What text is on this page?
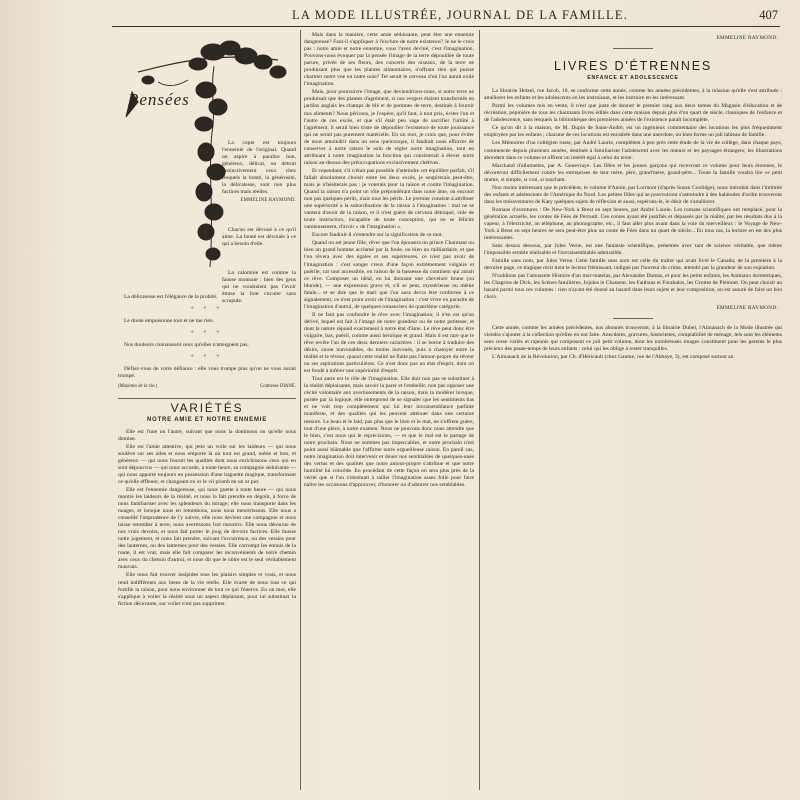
LA MODE ILLUSTRÉE, JOURNAL DE LA FAMILLE.	407
Pensées

La copie est toujours l'ennemie de l'original. Quand on aspire à paraître bon, généreux, délicat, on détruit instinctivement ceux chez lesquels la bonté, la générosité, la délicatesse, sont non plus factices mais réelles.

EMMELINE RAYMOND.

Chacun est dévoué à ce qu'il aime. La bonté est dévouée à ce qui a besoin d'elle.

La calomnie est comme la fausse monnaie : bien des gens qui ne voudraient pas l'avoir émise la font circuler sans scrupule.

La délicatesse est l'élégance de la probité.

+ + +

Le doute empoisonne tout et ne tue rien.

+ + +

Nos douleurs connaissent ceux qu'elles n'atteignent pas.

+ + +

Défiez-vous de votre défiance : elle vous trompe plus qu'on ne vous aurait trompé.

(Maximes de la vie.)	Comtesse DIANE.
VARIÉTÉS
NOTRE AMIE ET NOTRE ENNEMIE

Elle est l'une ou l'autre, suivant que nous la dominons ou qu'elle nous domine.

Elle est l'amie attentive, qui jette un voile sur les laideurs — qui nous soulève sur ses ailes et nous emporte là où tout est grand, noble et bon, et généreux — qui nous fournit les qualités dont nous enrichissons ceux qui en sont dépourvus — qui nous accorde, à toute heure, sa compagnie séduisante — qui nous apporte toujours en possession d'une baguette magique, transformant ce qu'elle effleure, et changeant en or le vil plomb en un or pur.

Elle est l'ennemie dangereuse, qui nous guette à toute heure — qui nous montre les laideurs de la réalité, et nous la fait prendre en dégoût, à force de nous familiariser avec les splendeurs du mirage; elle nous transporte dans les nuages, et lorsque nous en retombons, nous nous meurtrissons. Elle nous a conseillé l'imprudence de l'y suivre, elle nous devient une compagnie et nous laisse retomber à terre, nous avertissons fort meurtris. Elle nous détourne de nos vrais devoirs, et nous fait porter le joug de devoirs factices. Elle fausse notre jugement, et nous fait prendre, suivant l'occurrence, ou des vessies pour des lanternes, ou des lanternes pour des vessies. Elle corrompt les ennuis de la route, il est vrai; mais elle fait comparer les inconvénients de notre chemin avec ceux du chemin d'autrui, et nous dit que le nôtre est le seul véritablement mauvais.

Elle nous fait trouver insipides tous les plaisirs simples et vrais, et nous rend indifférents aux biens de la vie réelle. Elle écarte de nous tout ce qui fortifie la raison, pour nous environner de tout ce qui l'énerve. En un mot, elle s'applique à voiler la réalité sous un aspect déplaisant, pour lui substituer la fiction décevante, sur voiler n'est pas supprimer.

Mais dans la manière, cette amie séduisante, peut être une ennemie dangereuse? Faut-il s'appliquer à l'exclure de notre existence? Je ne le crois pas : notre amie et notre ennemie, vous l'avez deviné, c'est l'imagination. Pouvons-nous évoquer par la pensée l'image de la terre dépouillée de toute parure, privée de ses fleurs, des concerts des oiseaux, de la terre ne produisant plus que les plantes alimentaires, n'offrant rien qui puisse charmer notre vue ou notre ouïe? Tel serait le cerveau d'où l'on aurait exilé l'imagination.

Mais, pour poursuivre l'image, que deviendrions-nous, si notre terre ne produisait que des plantes d'agrément, si nos vergers étaient transformés en jardins anglais les champs de blé et de pommes de terre, destinés à fournir nos aliments? Nous périrons, je l'espère, qu'il faut, à tout prix, éviter l'un et l'autre de ces excès, et que s'il était peu sage de sacrifier l'utilité à l'agrément, il serait bien triste de dépouiller l'existence de toute jouissance qui ne serait pas purement matérielle. En un mot, je crois que, pour éviter de nous amoindrir dans un sens quelconque, il faudrait nous efforcer de conserver à notre raison le soin de régler notre imagination, tout en attribuant à notre imagination la fonction qui consisterait à élever notre raison au-dessus des préoccupations exclusivement chétives.

Et cependant, s'il n'était pas possible d'atteindre cet équilibre parfait, s'il fallait absolument choisir entre les deux excès, je soupirerais peut-être, mais je n'hésiterais pas : je voterais pour la raison et contre l'imagination. Quand la raison n'a point un rôle prépondérant dans notre âme, on encourt non pas quelques périls, mais tous les périls. Le premier consiste à attribuer une supériorité à la subordination de la raison à l'imagination : mal ne se vantera d'avoir de la raison, et il n'est guère de cerveau détraqué, vide de toute instruction, incapable de toute conception, qui ne se félicite vaniteusement, d'avoir « de l'imagination ».

Encore faudrait-il s'entendre sur la signification de ce mot.

Quand on est jeune fille, rêver que l'on épousera un prince Charmant ou bien un grand homme acclamé par la foule, ou bien un milliardaire, et que l'on rêvera avec des égales et ses supérieures, ce n'est pas avoir de l'imagination : c'est songer creux d'une façon extrêmement vulgaire et puérile, car tout accessible, en raison de la bassesse du continent qui aurait ce rêve. Composer un idéal, en lui donnant une chevelure brune (ou blonde), — une expression grave et, s'il se peut, mystérieuse ou même fatale... et se dire que le mari que l'on aura devra être conforme à ce signalement, ce n'est point avoir de l'imagination : c'est vivre en parasite de l'imagination d'autrui, de quelques romanciers de quatrième catégorie.

Il ne faut pas confondre le rêve avec l'imagination; il n'en est qu'un dérivé, lequel est fait à l'image de notre grandeur ou de notre petitesse, et dont la nature répond exactement à notre état d'âme. Le rêve peut donc être vulgaire, bas, puéril, comme aussi héroïque et grand. Mais il est rare que le rêve revête l'un de ces deux derniers caractères : il se borne à traduire des désirs, sinon inavouables, du moins inavoués, puis à chatoyer entre la réalité et le rêveur, quand cette réalité ne flatte pas l'amour-propre du rêveur ou ses aspirations particulières. Ce n'est donc pas un état d'esprit, dont on est fondé à inférer une supériorité d'esprit.

Tout autre est le rôle de l'imagination. Elle doit non pas se substituer à la réalité déplaisante, mais savoir la parer et l'embellir; non pas opposer une cécité volontaire aux avertissements de la raison, mais la modérer lorsque, portée par la logique, elle entreprend de se signaler que les sentiments bas et ne voit trop complètement qui lui leur invraisemblance parfaite manifeste, et des qualités qui les peuvent atténuer dans une certaine mesure. Le beau et le laid, pas plus que le bien et le mal, ne s'offrent guère, tout d'une pièce, à notre examen. Nous ne pouvons donc nous attendre que le bien, c'est nous qui le reprécisions, — et que le mal est le partage de notre prochain. Nous ne sommes pas impeccables, et notre prochain n'est point aussi blâmable que l'affirme notre orgueilleuse raison. En pareil cas, notre imagination doit intervenir et douer nos semblables de quelques-unes des vertus et des qualités que notre amour-propre s'attribue et que notre humilité lui concède. En procédant de cette façon on sera plus près de la vérité que si l'on s'obstinait à railler l'imagination assez folle pour faire naître les occasions d'approuver, d'honorer ou d'admirer nos semblables.

EMMELINE RAYMOND.
LIVRES D'ÉTRENNES
ENFANCE ET ADOLESCENCE

La librairie Hetzel, rue Jacob, 18, se conforme cette année, comme les années précédentes, à la mission qu'elle s'est attribuée : améliorer les enfants et les adolescents en les instruisant, et les instruire en les intéressant.

Parmi les volumes mis en vente, il n'est que juste de donner le premier rang aux deux tomes du Magasin d'éducation et de récréation, pépinière de tous les charmants livres édités dans cette maison depuis plus d'un quart de siècle, classiques de l'enfance et de l'adolescence, sans lesquels la bibliothèque des premières années de l'existence paraît incomplète.

Ce qu'on dit à la maison, de M. Dupin de Saint-André, est un ingénieux commentaire des locutions les plus fréquemment employées par les enfants ; chacune de ces locutions est encadrée dans une anecdote, ou bien forme un joli tableau de famille.

Les Mémoires d'un collégien russe, par André Laurie, complètent à peu près cette étude de la vie de collège, dans chaque pays, commencée depuis plusieurs années, destinée à familiariser l'adolescent avec les mœurs et les paysages étrangers; les illustrations abondent dans ce volume et offrent un intérêt égal à celui du texte.

Marchand d'allumettes, par A. Genevraye. Les filles et les jeunes garçons qui recevront ce volume pour leurs étrennes, le dévoreront difficilement contre les entreprises de leur mère, père, grand'mère, grand-père... Toute la famille voudra lire ce petit drame, si simple, si vrai, si touchant.

Non moins intéressant que le précédent, le volume d'Annie, par Lormont (d'après Susan Coolidge), nous introduit dans l'intimité des enfants et adolescents de l'Amérique du Nord. Les petites filles qui se pourvoiront s'astreindre à des habitudes d'ordre trouveront dans les mésaventures de Katy quelques sujets de réflexion et aussi, espérons-le, le désir de s'améliorer.

Romans d'aventures : De New-York à Brest en sept heures, par André Laurie. Les romans scientifiques ont remplacé, pour la génération actuelle, les contes de Fées de Perrault. Ces contes ayant été justifiés et dépassés par la réalité, par les résultats dus à la vapeur, à l'électricité, au téléphone, au phonographe, etc., il faut aller plus avant dans la voie du merveilleux : le Voyage de New-York à Brest en sept heures ne sera peut-être plus un conte de Fées dans un quart de siècle... En tous cas, la lecture en est des plus intéressantes.

Sans dessus dessous, par Jules Verne, est une fantaisie scientifique, présentée avec tant de science véritable, que même l'impossible semble réalisable et l'invraisemblable admissible.

Famille sans nom, par Jules Verne. Cette famille sans nom est celle du traître qui avait livré le Canada; de la première à la dernière page, ce tragique récit tient le lecteur frémissant, indigné par l'horreur du crime, attendri par la grandeur de son expiation.

N'oublions pas l'amusante Histoire d'un mur-matelas, par Alexandre Dumas, et pour les petits enfants, les Animaux domestiques, les Chagrins de Dick, les Scènes familières, Jojules le Chasseur, les Faitbaus et Forabalos, les Grottes de Piémont. On peut choisir au hasard parmi tous ces volumes : rien n'ayant été donné au hasard dans leurs sujets et leur composition, on est assuré de faire un bon choix.

EMMELINE RAYMOND.

Cette année, comme les années précédentes, nos abonnés trouveront, à la librairie Dubel, l'Almanach de la Mode illustrée qui viendra s'ajouter à la collection qu'elles en ont faite. Anecdotes, gravures, historiettes, comptabilité de ménage, tels sont les éléments sans cesse variés et rajeunis qui composent ce joli petit volume, dont les nombreuses images constituent pour les parents le plus précieux des passe-temps de leurs enfants : celui qui les oblige à rester tranquilles.

L'Almanach de la Révolution, par Ch. d'Héricault (chez Gaume, rue de l'Abbaye, 3), est composé surtout an
